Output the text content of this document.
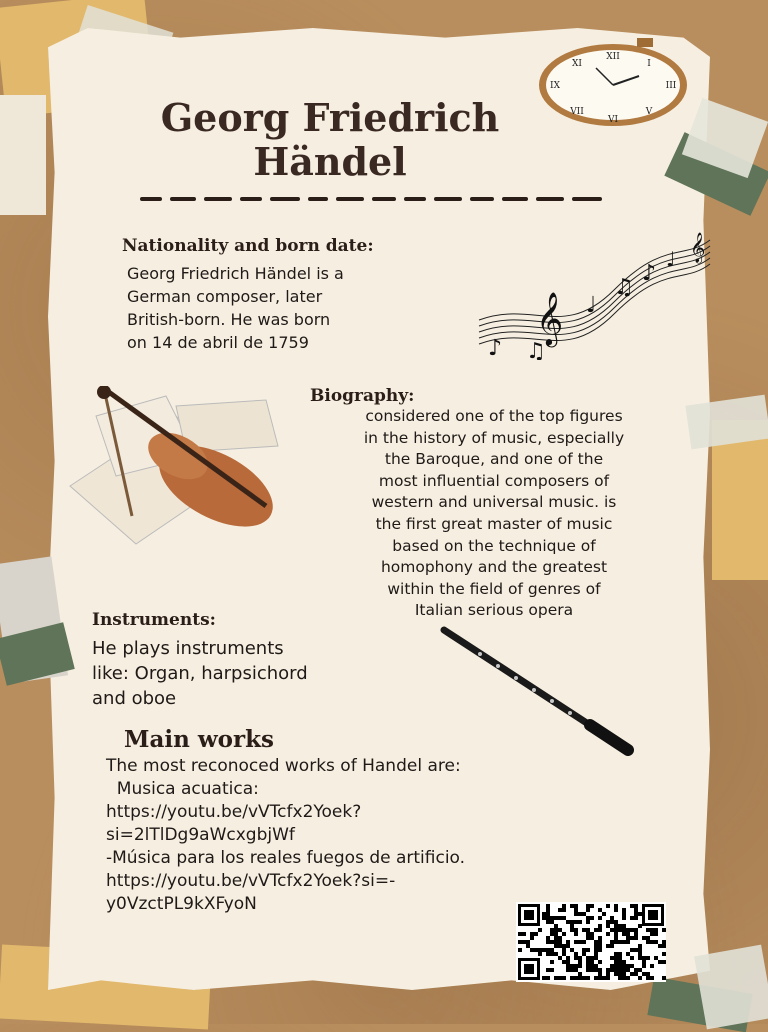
XII
I
III
V
VI
VII
IX
XI
Georg Friedrich
Händel
Nationality and born date:
Georg Friedrich Händel is a
German composer, later
British-born. He was born
on 14 de abril de 1759	𝄞
𝄞
♪ ♫
♩
♫
♪
♩
Biography:
considered one of the top figures
in the history of music, especially
the Baroque, and one of the
most influential composers of
western and universal music. is
the first great master of music
based on the technique of
homophony and the greatest
within the field of genres of
Italian serious opera
Instruments:
He plays instruments
like: Organ, harpsichord
and oboe
Main works
The most reconoced works of Handel are:
Musica acuatica:
https://youtu.be/vVTcfx2Yoek?
si=2lTlDg9aWcxgbjWf
-Música para los reales fuegos de artificio.
https://youtu.be/vVTcfx2Yoek?si=-
y0VzctPL9kXFyoN
